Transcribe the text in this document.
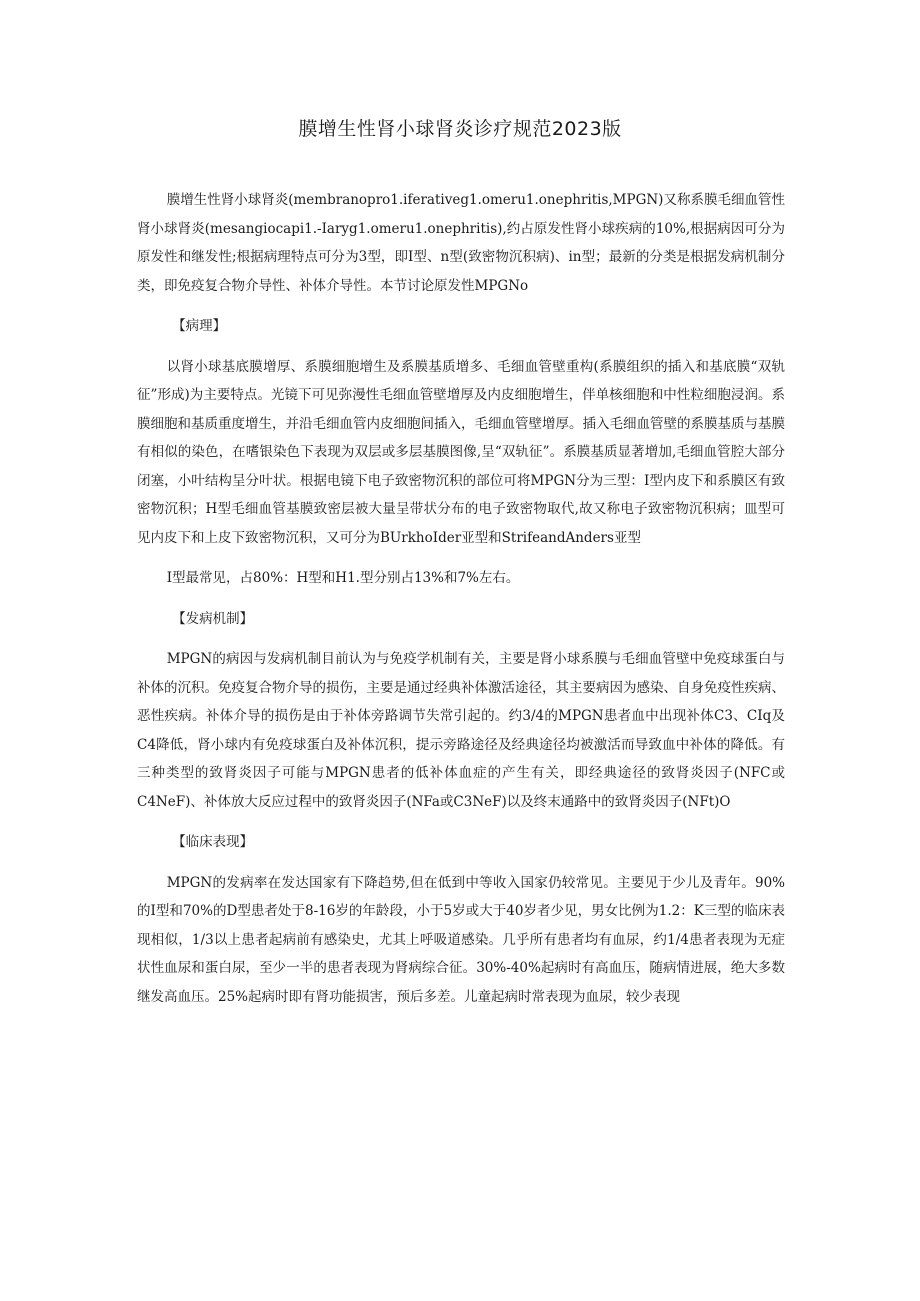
膜增生性肾小球肾炎诊疗规范2023版

膜增生性肾小球肾炎(membranopro1.iferativeg1.omeru1.onephritis,MPGN)又称系膜毛细血管性肾小球肾炎(mesangiocapi1.-Iaryg1.omeru1.onephritis),约占原发性肾小球疾病的10%,根据病因可分为原发性和继发性;根据病理特点可分为3型，即I型、n型(致密物沉积病)、in型；最新的分类是根据发病机制分类，即免疫复合物介导性、补体介导性。本节讨论原发性MPGNo

【病理】

以肾小球基底膜增厚、系膜细胞增生及系膜基质增多、毛细血管壁重构(系膜组织的插入和基底膜“双轨征”形成)为主要特点。光镜下可见弥漫性毛细血管壁增厚及内皮细胞增生，伴单核细胞和中性粒细胞浸润。系膜细胞和基质重度增生，并沿毛细血管内皮细胞间插入，毛细血管壁增厚。插入毛细血管壁的系膜基质与基膜有相似的染色，在嗜银染色下表现为双层或多层基膜图像,呈“双轨征”。系膜基质显著增加,毛细血管腔大部分闭塞，小叶结构呈分叶状。根据电镜下电子致密物沉积的部位可将MPGN分为三型：I型内皮下和系膜区有致密物沉积；H型毛细血管基膜致密层被大量呈带状分布的电子致密物取代,故又称电子致密物沉积病；皿型可见内皮下和上皮下致密物沉积，又可分为BUrkhoIder亚型和StrifeandAnders亚型

I型最常见，占80%：H型和H1.型分别占13%和7%左右。

【发病机制】

MPGN的病因与发病机制目前认为与免疫学机制有关，主要是肾小球系膜与毛细血管壁中免疫球蛋白与补体的沉积。免疫复合物介导的损伤，主要是通过经典补体激活途径，其主要病因为感染、自身免疫性疾病、恶性疾病。补体介导的损伤是由于补体旁路调节失常引起的。约3/4的MPGN患者血中出现补体C3、CIq及C4降低，肾小球内有免疫球蛋白及补体沉积，提示旁路途径及经典途径均被激活而导致血中补体的降低。有三种类型的致肾炎因子可能与MPGN患者的低补体血症的产生有关，即经典途径的致肾炎因子(NFC或C4NeF)、补体放大反应过程中的致肾炎因子(NFa或C3NeF)以及终末通路中的致肾炎因子(NFt)O

【临床表现】

MPGN的发病率在发达国家有下降趋势,但在低到中等收入国家仍较常见。主要见于少儿及青年。90%的I型和70%的D型患者处于8-16岁的年龄段，小于5岁或大于40岁者少见，男女比例为1.2：K三型的临床表现相似，1/3以上患者起病前有感染史，尤其上呼吸道感染。几乎所有患者均有血尿，约1/4患者表现为无症状性血尿和蛋白尿，至少一半的患者表现为肾病综合征。30%-40%起病时有高血压，随病情进展，绝大多数继发高血压。25%起病时即有肾功能损害，预后多差。儿童起病时常表现为血尿，较少表现
